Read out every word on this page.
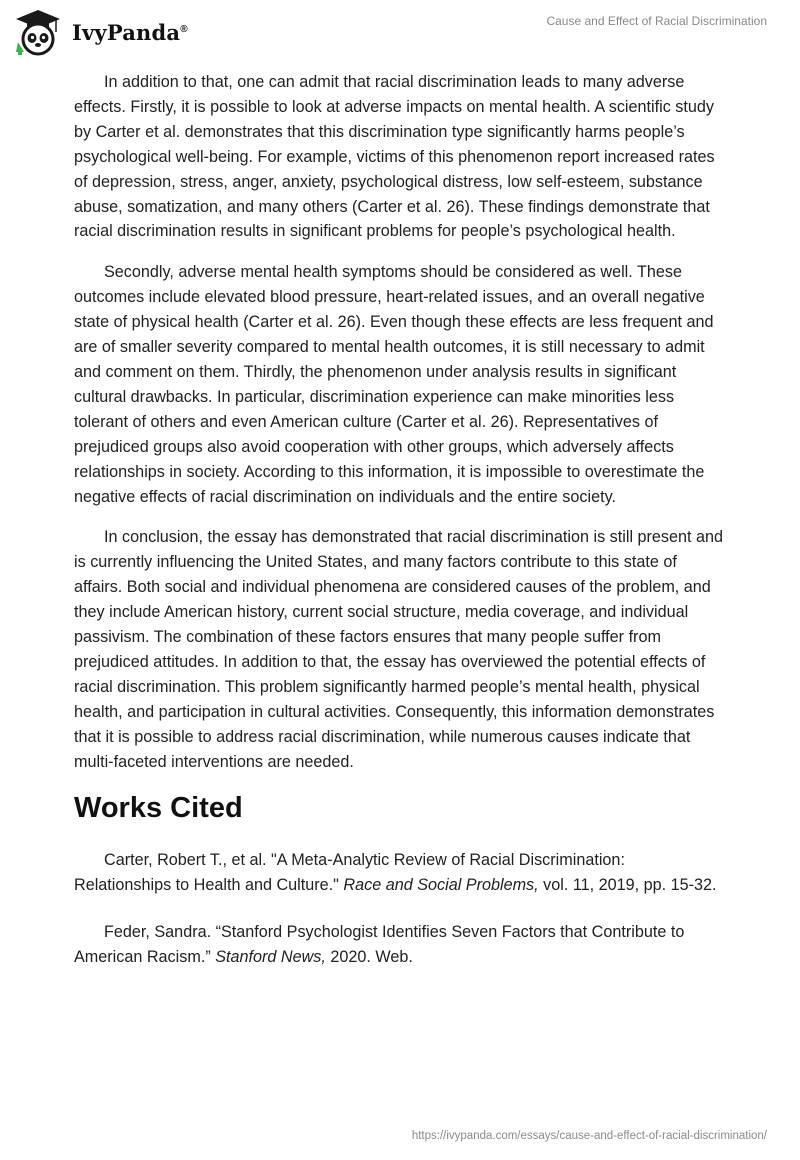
IvyPanda®
Cause and Effect of Racial Discrimination

In addition to that, one can admit that racial discrimination leads to many adverse effects. Firstly, it is possible to look at adverse impacts on mental health. A scientific study by Carter et al. demonstrates that this discrimination type significantly harms people’s psychological well-being. For example, victims of this phenomenon report increased rates of depression, stress, anger, anxiety, psychological distress, low self-esteem, substance abuse, somatization, and many others (Carter et al. 26). These findings demonstrate that racial discrimination results in significant problems for people’s psychological health.

Secondly, adverse mental health symptoms should be considered as well. These outcomes include elevated blood pressure, heart-related issues, and an overall negative state of physical health (Carter et al. 26). Even though these effects are less frequent and are of smaller severity compared to mental health outcomes, it is still necessary to admit and comment on them. Thirdly, the phenomenon under analysis results in significant cultural drawbacks. In particular, discrimination experience can make minorities less tolerant of others and even American culture (Carter et al. 26). Representatives of prejudiced groups also avoid cooperation with other groups, which adversely affects relationships in society. According to this information, it is impossible to overestimate the negative effects of racial discrimination on individuals and the entire society.

In conclusion, the essay has demonstrated that racial discrimination is still present and is currently influencing the United States, and many factors contribute to this state of affairs. Both social and individual phenomena are considered causes of the problem, and they include American history, current social structure, media coverage, and individual passivism. The combination of these factors ensures that many people suffer from prejudiced attitudes. In addition to that, the essay has overviewed the potential effects of racial discrimination. This problem significantly harmed people’s mental health, physical health, and participation in cultural activities. Consequently, this information demonstrates that it is possible to address racial discrimination, while numerous causes indicate that multi-faceted interventions are needed.

Works Cited

Carter, Robert T., et al. "A Meta-Analytic Review of Racial Discrimination: Relationships to Health and Culture." Race and Social Problems, vol. 11, 2019, pp. 15-32.

Feder, Sandra. “Stanford Psychologist Identifies Seven Factors that Contribute to American Racism.” Stanford News, 2020. Web.

https://ivypanda.com/essays/cause-and-effect-of-racial-discrimination/
